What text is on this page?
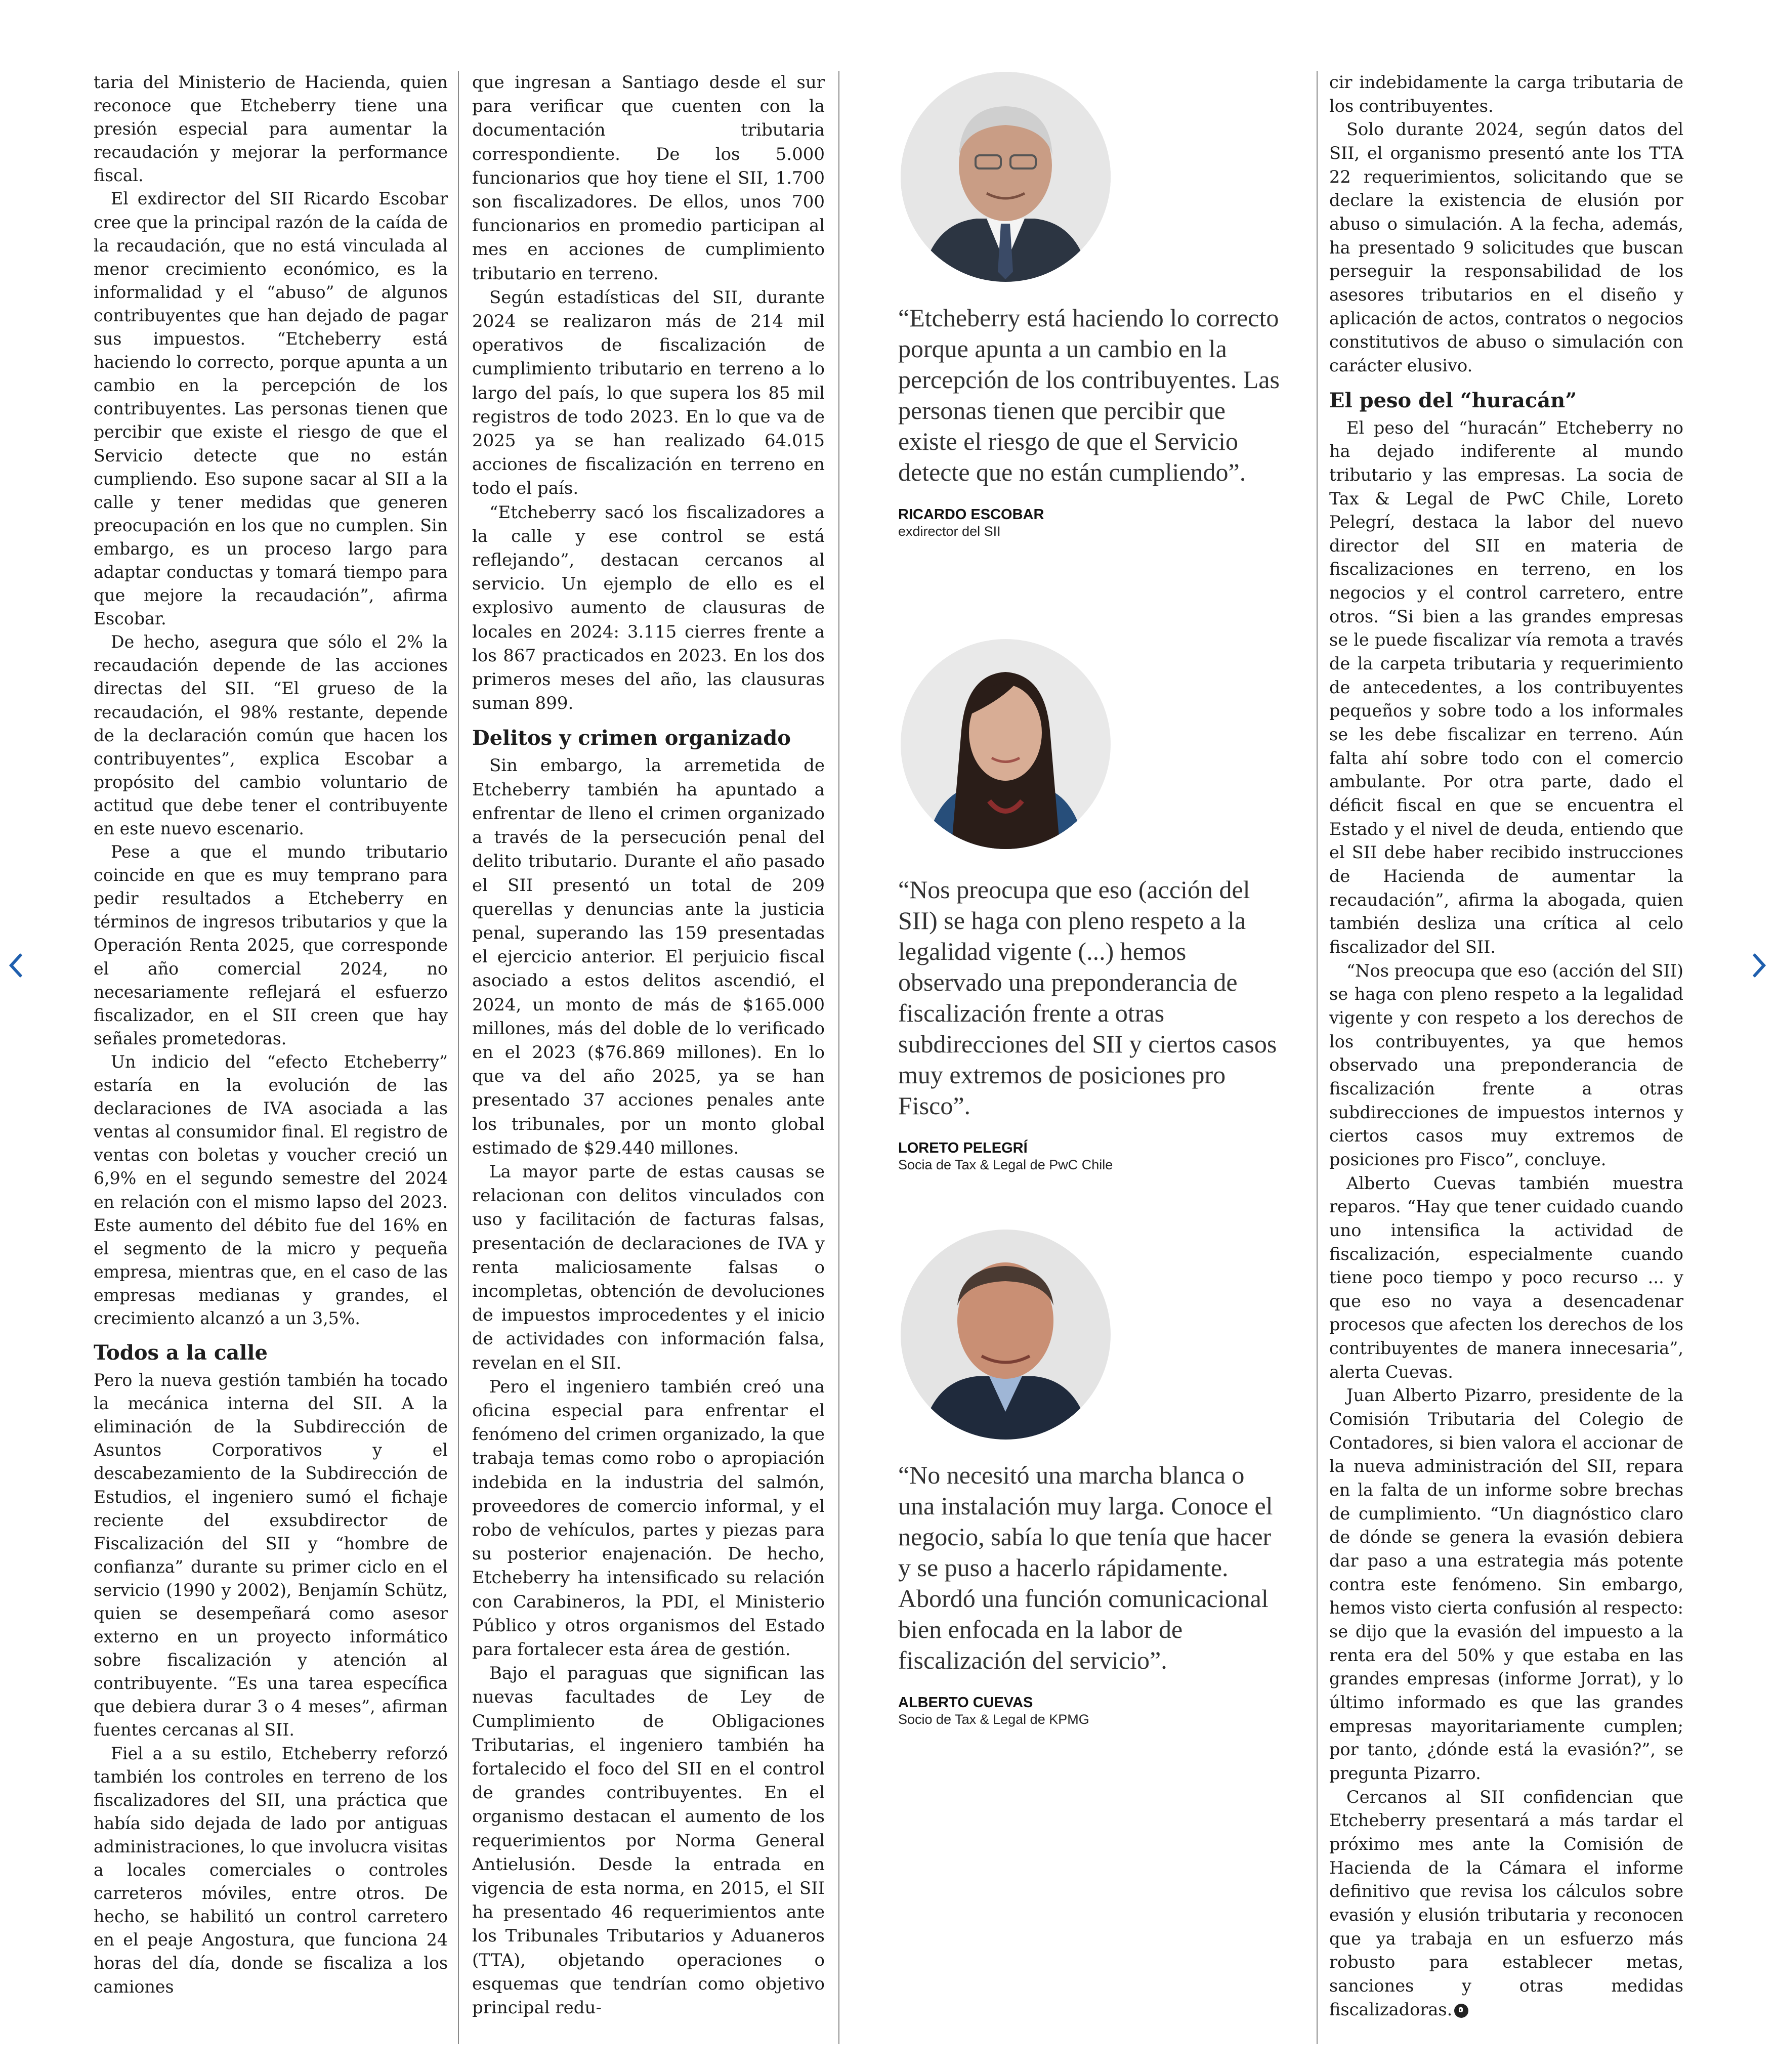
taria del Ministerio de Hacienda, quien reconoce que Etcheberry tiene una presión especial para aumentar la recaudación y mejorar la performance fiscal.

El exdirector del SII Ricardo Escobar cree que la principal razón de la caída de la recaudación, que no está vinculada al menor crecimiento económico, es la informalidad y el “abuso” de algunos contribuyentes que han dejado de pagar sus impuestos. “Etcheberry está haciendo lo correcto, porque apunta a un cambio en la percepción de los contribuyentes. Las personas tienen que percibir que existe el riesgo de que el Servicio detecte que no están cumpliendo. Eso supone sacar al SII a la calle y tener medidas que generen preocupación en los que no cumplen. Sin embargo, es un proceso largo para adaptar conductas y tomará tiempo para que mejore la recaudación”, afirma Escobar.

De hecho, asegura que sólo el 2% la recaudación depende de las acciones directas del SII. “El grueso de la recaudación, el 98% restante, depende de la declaración común que hacen los contribuyentes”, explica Escobar a propósito del cambio voluntario de actitud que debe tener el contribuyente en este nuevo escenario.

Pese a que el mundo tributario coincide en que es muy temprano para pedir resultados a Etcheberry en términos de ingresos tributarios y que la Operación Renta 2025, que corresponde el año comercial 2024, no necesariamente reflejará el esfuerzo fiscalizador, en el SII creen que hay señales prometedoras.

Un indicio del “efecto Etcheberry” estaría en la evolución de las declaraciones de IVA asociada a las ventas al consumidor final. El registro de ventas con boletas y voucher creció un 6,9% en el segundo semestre del 2024 en relación con el mismo lapso del 2023. Este aumento del débito fue del 16% en el segmento de la micro y pequeña empresa, mientras que, en el caso de las empresas medianas y grandes, el crecimiento alcanzó a un 3,5%.

Todos a la calle

Pero la nueva gestión también ha tocado la mecánica interna del SII. A la eliminación de la Subdirección de Asuntos Corporativos y el descabezamiento de la Subdirección de Estudios, el ingeniero sumó el fichaje reciente del exsubdirector de Fiscalización del SII y “hombre de confianza” durante su primer ciclo en el servicio (1990 y 2002), Benjamín Schütz, quien se desempeñará como asesor externo en un proyecto informático sobre fiscalización y atención al contribuyente. “Es una tarea específica que debiera durar 3 o 4 meses”, afirman fuentes cercanas al SII.

Fiel a a su estilo, Etcheberry reforzó también los controles en terreno de los fiscalizadores del SII, una práctica que había sido dejada de lado por antiguas administraciones, lo que involucra visitas a locales comerciales o controles carreteros móviles, entre otros. De hecho, se habilitó un control carretero en el peaje Angostura, que funciona 24 horas del día, donde se fiscaliza a los camiones

que ingresan a Santiago desde el sur para verificar que cuenten con la documentación tributaria correspondiente. De los 5.000 funcionarios que hoy tiene el SII, 1.700 son fiscalizadores. De ellos, unos 700 funcionarios en promedio participan al mes en acciones de cumplimiento tributario en terreno.

Según estadísticas del SII, durante 2024 se realizaron más de 214 mil operativos de fiscalización de cumplimiento tributario en terreno a lo largo del país, lo que supera los 85 mil registros de todo 2023. En lo que va de 2025 ya se han realizado 64.015 acciones de fiscalización en terreno en todo el país.

“Etcheberry sacó los fiscalizadores a la calle y ese control se está reflejando”, destacan cercanos al servicio. Un ejemplo de ello es el explosivo aumento de clausuras de locales en 2024: 3.115 cierres frente a los 867 practicados en 2023. En los dos primeros meses del año, las clausuras suman 899.

Delitos y crimen organizado

Sin embargo, la arremetida de Etcheberry también ha apuntado a enfrentar de lleno el crimen organizado a través de la persecución penal del delito tributario. Durante el año pasado el SII presentó un total de 209 querellas y denuncias ante la justicia penal, superando las 159 presentadas el ejercicio anterior. El perjuicio fiscal asociado a estos delitos ascendió, el 2024, un monto de más de $165.000 millones, más del doble de lo verificado en el 2023 ($76.869 millones). En lo que va del año 2025, ya se han presentado 37 acciones penales ante los tribunales, por un monto global estimado de $29.440 millones.

La mayor parte de estas causas se relacionan con delitos vinculados con uso y facilitación de facturas falsas, presentación de declaraciones de IVA y renta maliciosamente falsas o incompletas, obtención de devoluciones de impuestos improcedentes y el inicio de actividades con información falsa, revelan en el SII.

Pero el ingeniero también creó una oficina especial para enfrentar el fenómeno del crimen organizado, la que trabaja temas como robo o apropiación indebida en la industria del salmón, proveedores de comercio informal, y el robo de vehículos, partes y piezas para su posterior enajenación. De hecho, Etcheberry ha intensificado su relación con Carabineros, la PDI, el Ministerio Público y otros organismos del Estado para fortalecer esta área de gestión.

Bajo el paraguas que significan las nuevas facultades de Ley de Cumplimiento de Obligaciones Tributarias, el ingeniero también ha fortalecido el foco del SII en el control de grandes contribuyentes. En el organismo destacan el aumento de los requerimientos por Norma General Antielusión. Desde la entrada en vigencia de esta norma, en 2015, el SII ha presentado 46 requerimientos ante los Tribunales Tributarios y Aduaneros (TTA), objetando operaciones o esquemas que tendrían como objetivo principal redu-

“Etcheberry está haciendo lo correcto porque apunta a un cambio en la percepción de los contribuyentes. Las personas tienen que percibir que existe el riesgo de que el Servicio detecte que no están cumpliendo”.

RICARDO ESCOBAR

exdirector del SII

“Nos preocupa que eso (acción del SII) se haga con pleno respeto a la legalidad vigente (...) hemos observado una preponderancia de fiscalización frente a otras subdirecciones del SII y ciertos casos muy extremos de posiciones pro Fisco”.

LORETO PELEGRÍ

Socia de Tax & Legal de PwC Chile

“No necesitó una marcha blanca o una instalación muy larga. Conoce el negocio, sabía lo que tenía que hacer y se puso a hacerlo rápidamente. Abordó una función comunicacional bien enfocada en la labor de fiscalización del servicio”.

ALBERTO CUEVAS

Socio de Tax & Legal de KPMG

cir indebidamente la carga tributaria de los contribuyentes.

Solo durante 2024, según datos del SII, el organismo presentó ante los TTA 22 requerimientos, solicitando que se declare la existencia de elusión por abuso o simulación. A la fecha, además, ha presentado 9 solicitudes que buscan perseguir la responsabilidad de los asesores tributarios en el diseño y aplicación de actos, contratos o negocios constitutivos de abuso o simulación con carácter elusivo.

El peso del “huracán”

El peso del “huracán” Etcheberry no ha dejado indiferente al mundo tributario y las empresas. La socia de Tax & Legal de PwC Chile, Loreto Pelegrí, destaca la labor del nuevo director del SII en materia de fiscalizaciones en terreno, en los negocios y el control carretero, entre otros. “Si bien a las grandes empresas se le puede fiscalizar vía remota a través de la carpeta tributaria y requerimiento de antecedentes, a los contribuyentes pequeños y sobre todo a los informales se les debe fiscalizar en terreno. Aún falta ahí sobre todo con el comercio ambulante. Por otra parte, dado el déficit fiscal en que se encuentra el Estado y el nivel de deuda, entiendo que el SII debe haber recibido instrucciones de Hacienda de aumentar la recaudación”, afirma la abogada, quien también desliza una crítica al celo fiscalizador del SII.

“Nos preocupa que eso (acción del SII) se haga con pleno respeto a la legalidad vigente y con respeto a los derechos de los contribuyentes, ya que hemos observado una preponderancia de fiscalización frente a otras subdirecciones de impuestos internos y ciertos casos muy extremos de posiciones pro Fisco”, concluye.

Alberto Cuevas también muestra reparos. “Hay que tener cuidado cuando uno intensifica la actividad de fiscalización, especialmente cuando tiene poco tiempo y poco recurso ... y que eso no vaya a desencadenar procesos que afecten los derechos de los contribuyentes de manera innecesaria”, alerta Cuevas.

Juan Alberto Pizarro, presidente de la Comisión Tributaria del Colegio de Contadores, si bien valora el accionar de la nueva administración del SII, repara en la falta de un informe sobre brechas de cumplimiento. “Un diagnóstico claro de dónde se genera la evasión debiera dar paso a una estrategia más potente contra este fenómeno. Sin embargo, hemos visto cierta confusión al respecto: se dijo que la evasión del impuesto a la renta era del 50% y que estaba en las grandes empresas (informe Jorrat), y lo último informado es que las grandes empresas mayoritariamente cumplen; por tanto, ¿dónde está la evasión?”, se pregunta Pizarro.

Cercanos al SII confidencian que Etcheberry presentará a más tardar el próximo mes ante la Comisión de Hacienda de la Cámara el informe definitivo que revisa los cálculos sobre evasión y elusión tributaria y reconocen que ya trabaja en un esfuerzo más robusto para establecer metas, sanciones y otras medidas fiscalizadoras.
